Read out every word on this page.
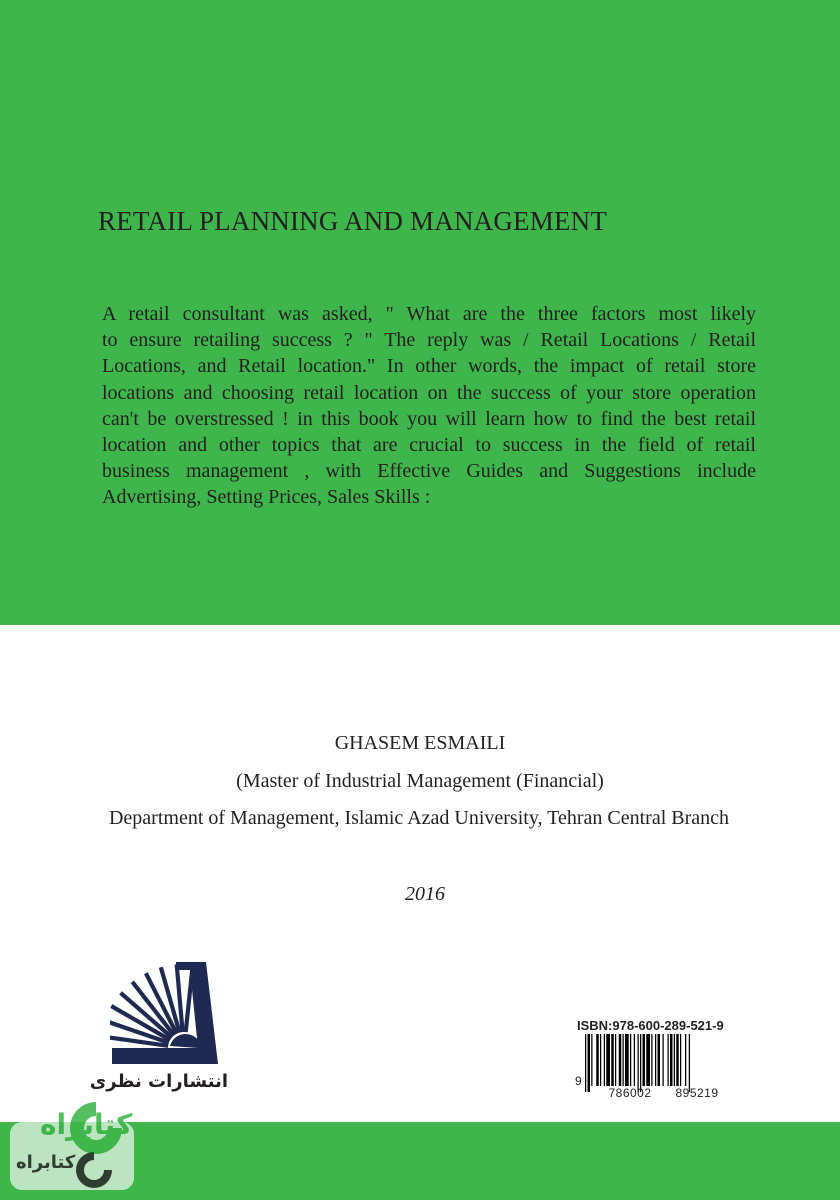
RETAIL PLANNING AND MANAGEMENT
A retail consultant was asked, " What are the three factors most likely
to ensure retailing success ? " The reply was / Retail Locations / Retail
Locations, and Retail location." In other words, the impact of retail store
locations and choosing retail location on the success of your store operation
can't be overstressed ! in this book you will learn how to find the best retail
location and other topics that are crucial to success in the field of retail
business management , with Effective Guides and Suggestions include
Advertising, Setting Prices, Sales Skills :
GHASEM ESMAILI
(Master of Industrial Management (Financial)
Department of Management, Islamic Azad University, Tehran Central Branch
2016
انتشارات نظری
ISBN:978-600-289-521-9
9
786002	895219
کتابراه
کتابراه
